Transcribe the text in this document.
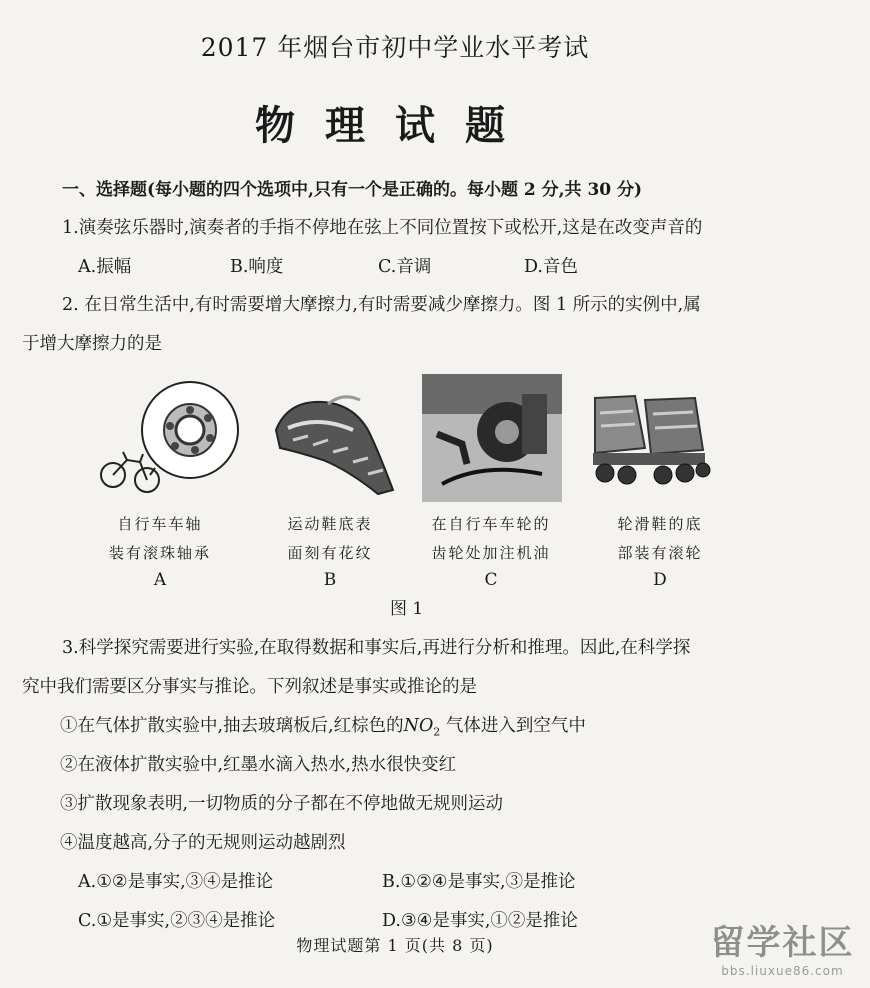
2017 年烟台市初中学业水平考试
物理试题
一、选择题(每小题的四个选项中,只有一个是正确的。每小题 2 分,共 30 分)
1.演奏弦乐器时,演奏者的手指不停地在弦上不同位置按下或松开,这是在改变声音的
A.振幅	B.响度	C.音调	D.音色
2. 在日常生活中,有时需要增大摩擦力,有时需要减少摩擦力。图 1 所示的实例中,属
于增大摩擦力的是
自行车车轴
装有滚珠轴承
A
运动鞋底表
面刻有花纹
B
在自行车车轮的
齿轮处加注机油
C
轮滑鞋的底
部装有滚轮
D
图 1
3.科学探究需要进行实验,在取得数据和事实后,再进行分析和推理。因此,在科学探
究中我们需要区分事实与推论。下列叙述是事实或推论的是
①在气体扩散实验中,抽去玻璃板后,红棕色的$NO_2$ 气体进入到空气中
②在液体扩散实验中,红墨水滴入热水,热水很快变红
③扩散现象表明,一切物质的分子都在不停地做无规则运动
④温度越高,分子的无规则运动越剧烈
A.①②是事实,③④是推论	B.①②④是事实,③是推论
C.①是事实,②③④是推论	D.③④是事实,①②是推论
物理试题第 1 页(共 8 页)	留学社区
bbs.liuxue86.com
